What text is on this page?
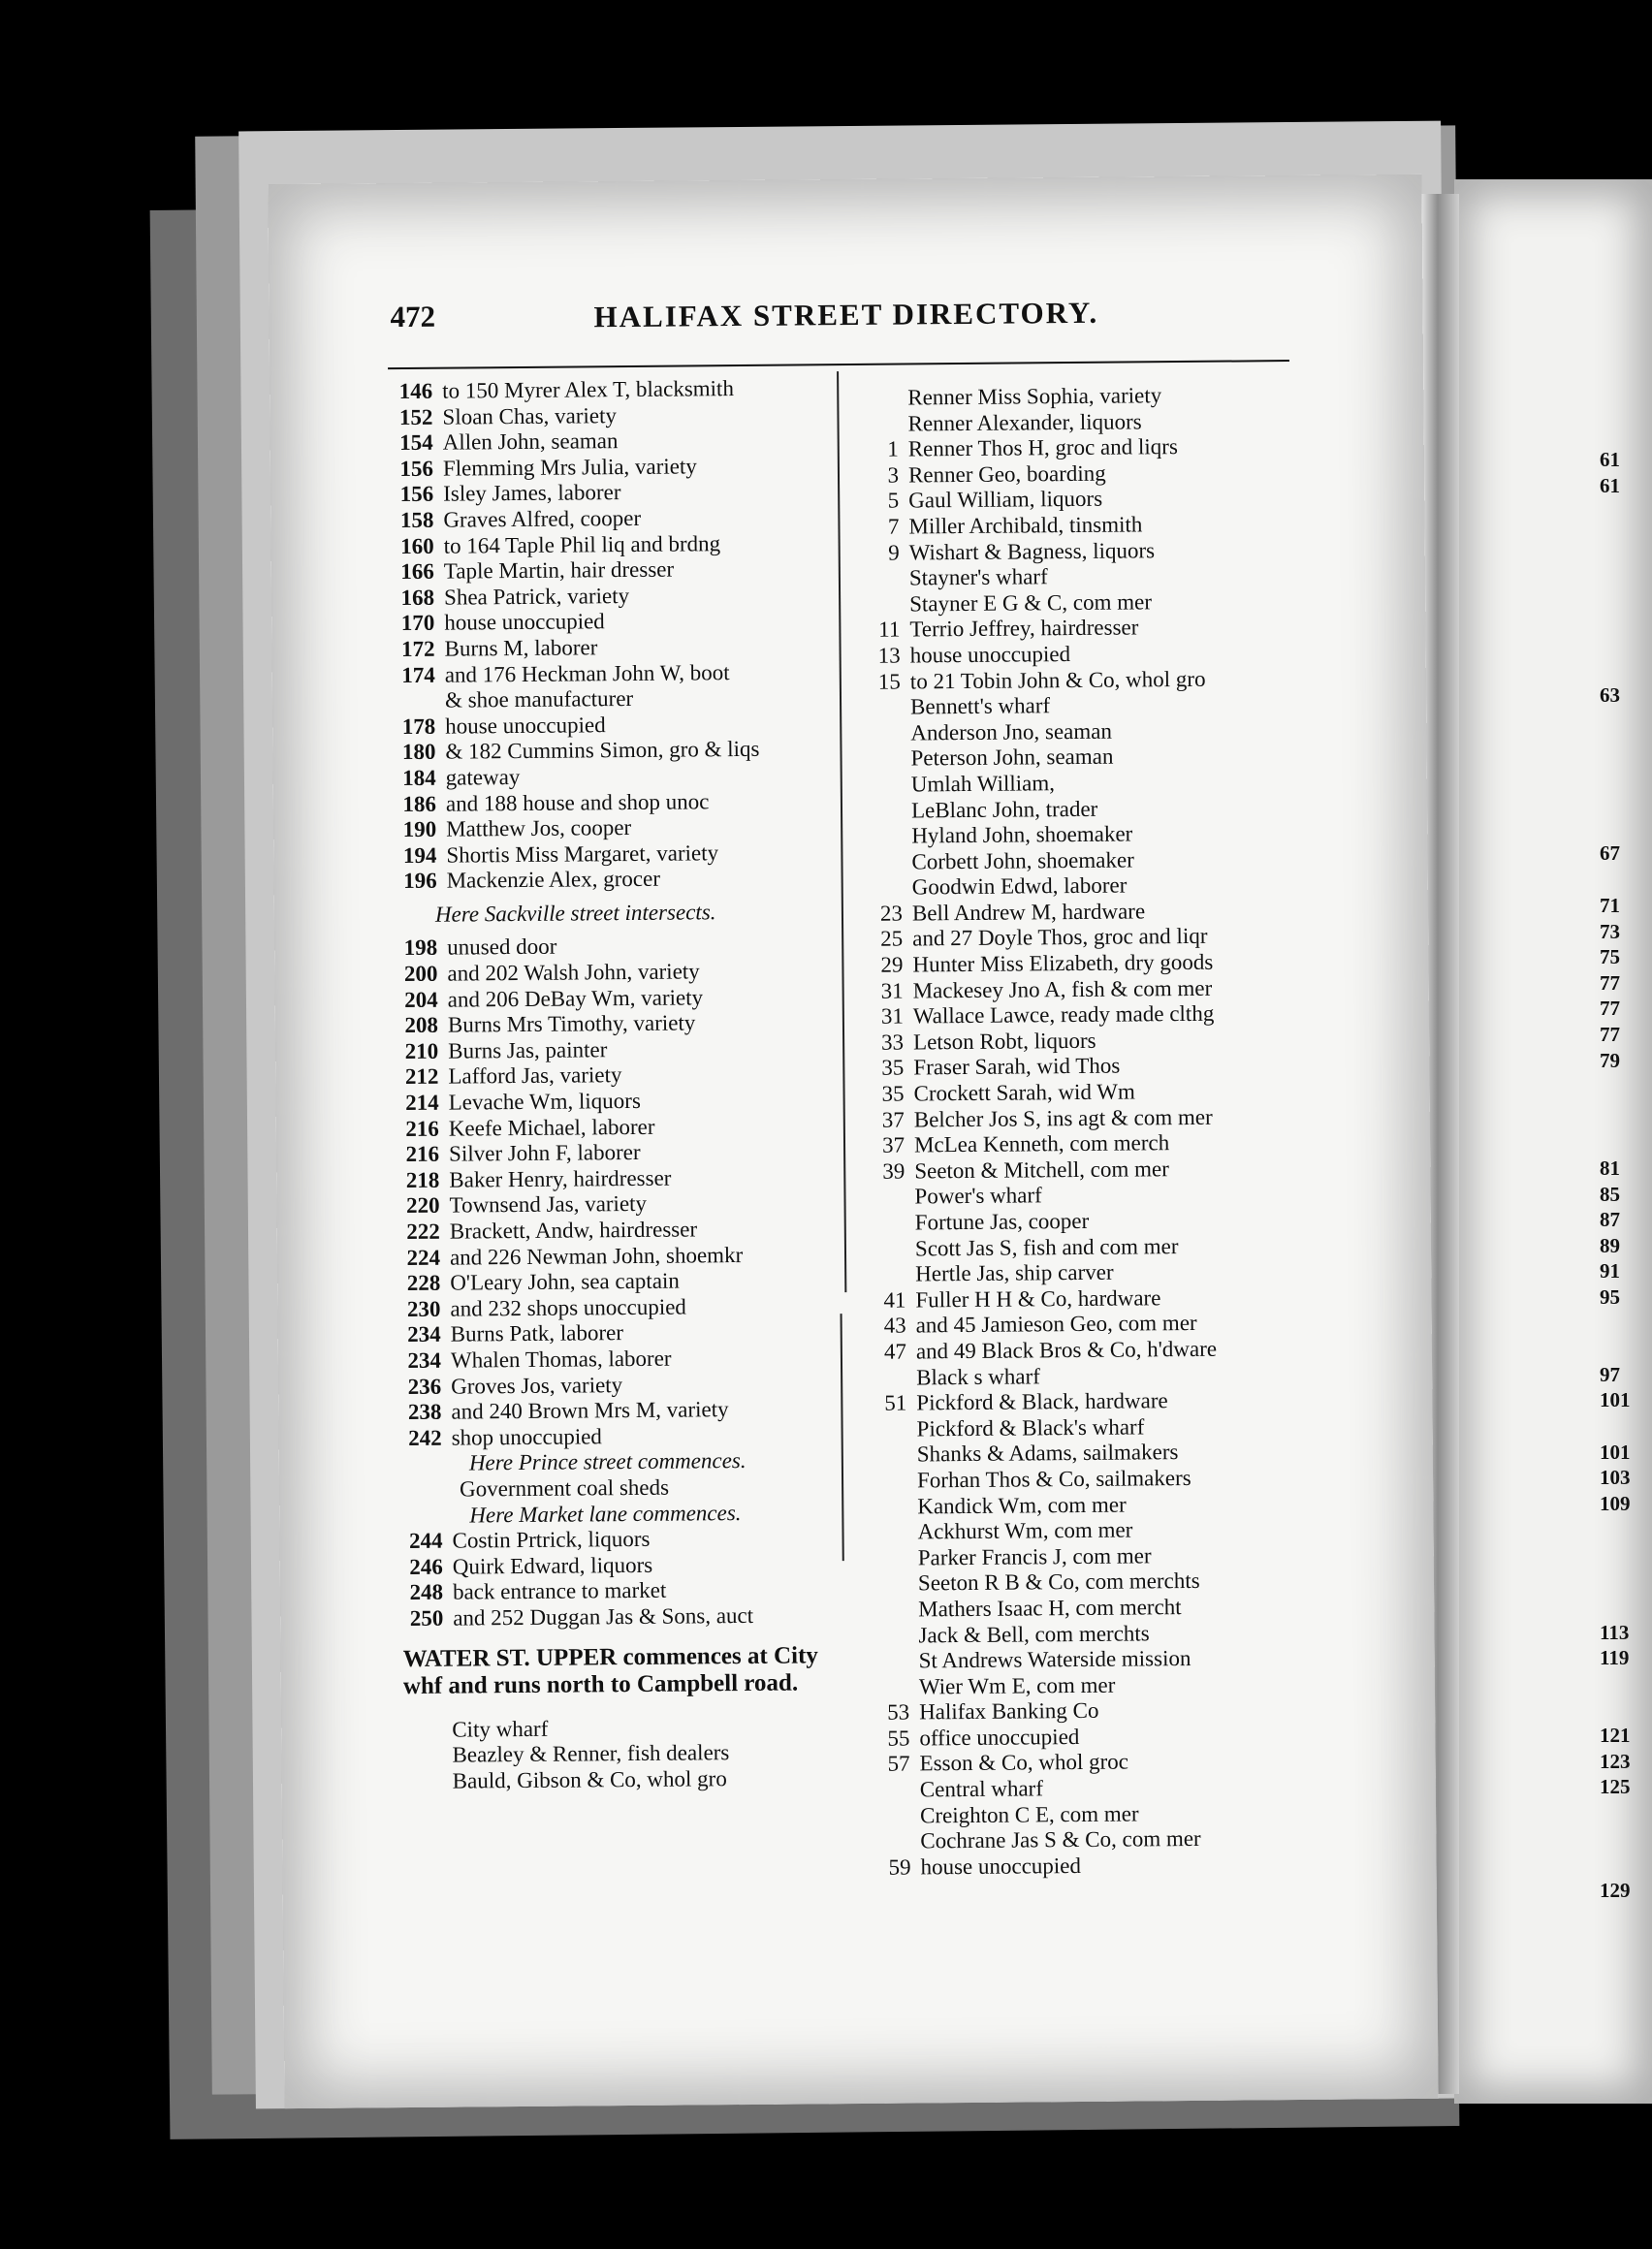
472	HALIFAX STREET DIRECTORY.
146 to 150 Myrer Alex T, blacksmith
152 Sloan Chas, variety
154 Allen John, seaman
156 Flemming Mrs Julia, variety
156 Isley James, laborer
158 Graves Alfred, cooper
160 to 164 Taple Phil liq and brdng
166 Taple Martin, hair dresser
168 Shea Patrick, variety
170 house unoccupied
172 Burns M, laborer
174 and 176 Heckman John W, boot
& shoe manufacturer
178 house unoccupied
180 & 182 Cummins Simon, gro & liqs
184 gateway
186 and 188 house and shop unoc
190 Matthew Jos, cooper
194 Shortis Miss Margaret, variety
196 Mackenzie Alex, grocer
Here Sackville street intersects.
198 unused door
200 and 202 Walsh John, variety
204 and 206 DeBay Wm, variety
208 Burns Mrs Timothy, variety
210 Burns Jas, painter
212 Lafford Jas, variety
214 Levache Wm, liquors
216 Keefe Michael, laborer
216 Silver John F, laborer
218 Baker Henry, hairdresser
220 Townsend Jas, variety
222 Brackett, Andw, hairdresser
224 and 226 Newman John, shoemkr
228 O'Leary John, sea captain
230 and 232 shops unoccupied
234 Burns Patk, laborer
234 Whalen Thomas, laborer
236 Groves Jos, variety
238 and 240 Brown Mrs M, variety
242 shop unoccupied
Here Prince street commences.
Government coal sheds
Here Market lane commences.
244 Costin Prtrick, liquors
246 Quirk Edward, liquors
248 back entrance to market
250 and 252 Duggan Jas & Sons, auct
WATER ST. UPPER commences at City whf and runs north to Campbell road.
City wharf
Beazley & Renner, fish dealers
Bauld, Gibson & Co, whol gro
Renner Miss Sophia, variety
Renner Alexander, liquors
1 Renner Thos H, groc and liqrs
3 Renner Geo, boarding
5 Gaul William, liquors
7 Miller Archibald, tinsmith
9 Wishart & Bagness, liquors
Stayner's wharf
Stayner E G & C, com mer
11 Terrio Jeffrey, hairdresser
13 house unoccupied
15 to 21 Tobin John & Co, whol gro
Bennett's wharf
Anderson Jno, seaman
Peterson John, seaman
Umlah William,
LeBlanc John, trader
Hyland John, shoemaker
Corbett John, shoemaker
Goodwin Edwd, laborer
23 Bell Andrew M, hardware
25 and 27 Doyle Thos, groc and liqr
29 Hunter Miss Elizabeth, dry goods
31 Mackesey Jno A, fish & com mer
31 Wallace Lawce, ready made clthg
33 Letson Robt, liquors
35 Fraser Sarah, wid Thos
35 Crockett Sarah, wid Wm
37 Belcher Jos S, ins agt & com mer
37 McLea Kenneth, com merch
39 Seeton & Mitchell, com mer
Power's wharf
Fortune Jas, cooper
Scott Jas S, fish and com mer
Hertle Jas, ship carver
41 Fuller H H & Co, hardware
43 and 45 Jamieson Geo, com mer
47 and 49 Black Bros & Co, h'dware
Black s wharf
51 Pickford & Black, hardware
Pickford & Black's wharf
Shanks & Adams, sailmakers
Forhan Thos & Co, sailmakers
Kandick Wm, com mer
Ackhurst Wm, com mer
Parker Francis J, com mer
Seeton R B & Co, com merchts
Mathers Isaac H, com mercht
Jack & Bell, com merchts
St Andrews Waterside mission
Wier Wm E, com mer
53 Halifax Banking Co
55 office unoccupied
57 Esson & Co, whol groc
Central wharf
Creighton C E, com mer
Cochrane Jas S & Co, com mer
59 house unoccupied
61
61
63
67
71
73
75
77
77
77
79
81
85
87
89
91
95
97
101
101
103
109
113
119
121
123
125
129
